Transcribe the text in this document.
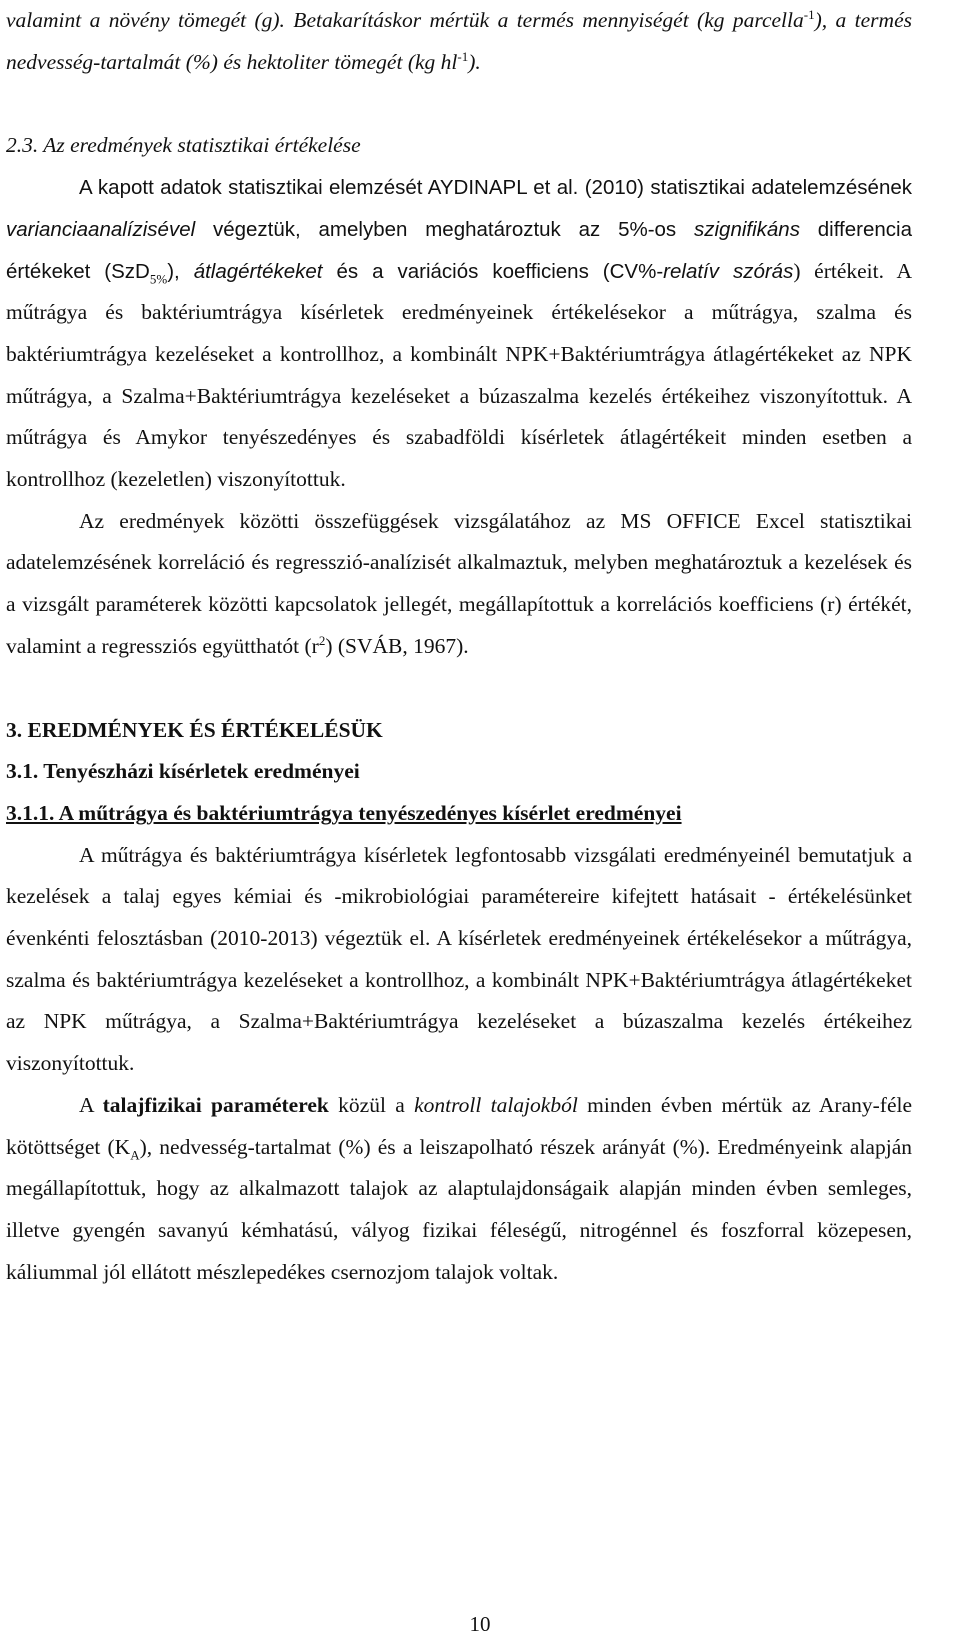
valamint a növény tömegét (g). Betakarításkor mértük a termés mennyiségét (kg parcella$^{-1}$), a termés nedvesség-tartalmát (%) és hektoliter tömegét (kg $hl^{-1}$).

2.3. Az eredmények statisztikai értékelése

A kapott adatok statisztikai elemzését AYDINAPL et al. (2010) statisztikai adatelemzésének varianciaanalízisével végeztük, amelyben meghatároztuk az 5%-os szignifikáns differencia értékeket (SzD$_{5\%}$), átlagértékeket és a variációs koefficiens (CV%-relatív szórás) értékeit. A műtrágya és baktériumtrágya kísérletek eredményeinek értékelésekor a műtrágya, szalma és baktériumtrágya kezeléseket a kontrollhoz, a kombinált NPK+Baktériumtrágya átlagértékeket az NPK műtrágya, a Szalma+Baktériumtrágya kezeléseket a búzaszalma kezelés értékeihez viszonyítottuk. A műtrágya és Amykor tenyészedényes és szabadföldi kísérletek átlagértékeit minden esetben a kontrollhoz (kezeletlen) viszonyítottuk.

Az eredmények közötti összefüggések vizsgálatához az MS OFFICE Excel statisztikai adatelemzésének korreláció és regresszió-analízisét alkalmaztuk, melyben meghatároztuk a kezelések és a vizsgált paraméterek közötti kapcsolatok jellegét, megállapítottuk a korrelációs koefficiens (r) értékét, valamint a regressziós együtthatót $(r^2)$ (SVÁB, 1967).

3. EREDMÉNYEK ÉS ÉRTÉKELÉSÜK
3.1. Tenyészházi kísérletek eredményei
3.1.1. A műtrágya és baktériumtrágya tenyészedényes kísérlet eredményei

A műtrágya és baktériumtrágya kísérletek legfontosabb vizsgálati eredményeinél bemutatjuk a kezelések a talaj egyes kémiai és -mikrobiológiai paramétereire kifejtett hatásait - értékelésünket évenkénti felosztásban (2010-2013) végeztük el. A kísérletek eredményeinek értékelésekor a műtrágya, szalma és baktériumtrágya kezeléseket a kontrollhoz, a kombinált NPK+Baktériumtrágya átlagértékeket az NPK műtrágya, a Szalma+Baktériumtrágya kezeléseket a búzaszalma kezelés értékeihez viszonyítottuk.

A talajfizikai paraméterek közül a kontroll talajokból minden évben mértük az Arany-féle kötöttséget $(K_A)$, nedvesség-tartalmat (%) és a leiszapolható részek arányát (%). Eredményeink alapján megállapítottuk, hogy az alkalmazott talajok az alaptulajdonságaik alapján minden évben semleges, illetve gyengén savanyú kémhatású, vályog fizikai féleségű, nitrogénnel és foszforral közepesen, káliummal jól ellátott mészlepedékes csernozjom talajok voltak.

10
